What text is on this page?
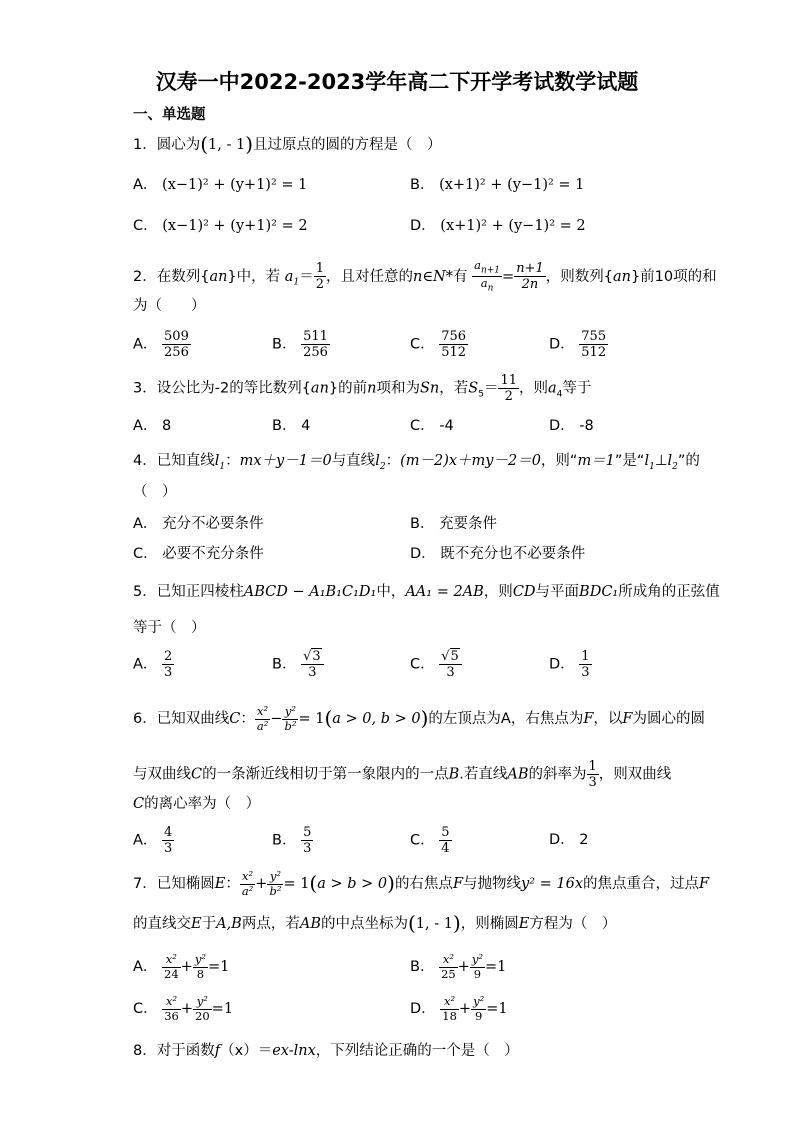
汉寿一中2022-2023学年高二下开学考试数学试题
一、单选题
1．圆心为(1, - 1)且过原点的圆的方程是（　）
A． (x−1)² + (y+1)² = 1	B． (x+1)² + (y−1)² = 1
C． (x−1)² + (y+1)² = 2	D． (x+1)² + (y−1)² = 2
2．在数列{an}中，若 $a_1= \frac{1}{2}$ ，且对任意的n∈N*有 $\frac{a_{n+1}}{a_n} = \frac{n+1}{2n}$ ，则数列{an}前10项的和
为（　　）
A． $\frac{509}{256}$	B． $\frac{511}{256}$	C． $\frac{756}{512}$	D． $\frac{755}{512}$
3．设公比为-2的等比数列{an}的前n项和为Sn，若$S_5= \frac{11}{2}$ ，则$a_4$等于
A． 8	B． 4	C． -4	D． -8
4．已知直线$l_1$：mx＋y－1＝0与直线$l_2$：(m－2)x＋my－2＝0，则“m＝1”是“$l_1\perp l_2$”的
（　）
A． 充分不必要条件	B． 充要条件
C． 必要不充分条件	D． 既不充分也不必要条件
5．已知正四棱柱ABCD − A₁B₁C₁D₁中，AA₁ = 2AB，则CD与平面BDC₁所成角的正弦值
等于（　）
A． $\frac{2}{3}$	B． $\frac{√3}{3}$	C． $\frac{√5}{3}$	D． $\frac{1}{3}$
6．已知双曲线C： $\frac{\text{x²}}{\text{a²}} - \frac{\text{y²}}{\text{b²}} = 1(a > 0$, b > 0)的左顶点为A，右焦点为F，以F为圆心的圆
与双曲线C的一条渐近线相切于第一象限内的一点B.若直线AB的斜率为 $\frac{1}{3}$ ，则双曲线
C的离心率为（　）
A． $\frac{4}{3}$	B． $\frac{5}{3}$	C． $\frac{5}{4}$	D． 2
7．已知椭圆E： $\frac{\text{x²}}{\text{a²}} + \frac{\text{y²}}{\text{b²}} = 1(a > b > 0)$的右焦点F与抛物线y² = 16x的焦点重合，过点F
的直线交E于A,B两点，若AB的中点坐标为(1, - 1)，则椭圆E方程为（　）
A． $\frac{\text{x²}}{24} + \frac{\text{y²}}{8} =1$	B． $\frac{\text{x²}}{25} + \frac{\text{y²}}{9} =1$
C． $\frac{\text{x²}}{36} + \frac{\text{y²}}{20} =1$	D． $\frac{\text{x²}}{18} + \frac{\text{y²}}{9} =1$
8．对于函数f（x）＝ex-lnx，下列结论正确的一个是（　）
